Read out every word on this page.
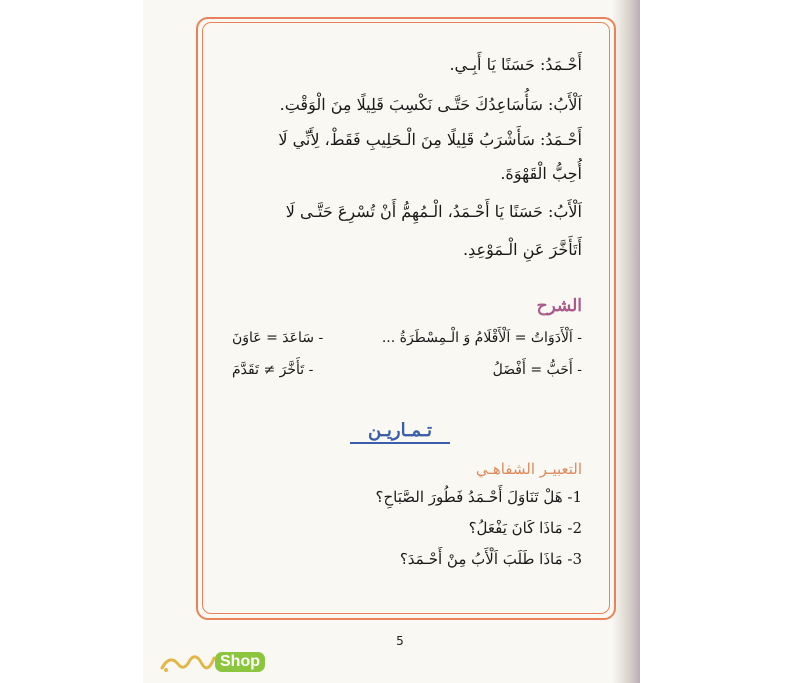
أَحْـمَدُ: حَسَنًا يَا أَبِـي.
اَلْأَبُ: سَأُسَاعِدُكَ حَتَّـى نَكْسِبَ قَلِيلًا مِنَ الْوَقْتِ.
أَحْـمَدُ: سَأَشْرَبُ قَلِيلًا مِنَ الْـحَلِيبِ فَقَطْ، لِأَنِّي لَا
أُحِبُّ الْقَهْوَةَ.
اَلْأَبُ: حَسَنًا يَا أَحْـمَدُ، الْـمُهِمُّ أَنْ تُسْرِعَ حَتَّـى لَا
أَتَأَخَّرَ عَنِ الْـمَوْعِدِ.
الشرح
- اَلْأَدَوَاتُ = اَلْأَقْلَامُ وَ الْـمِسْطَرَةُ ...
- أَحَبُّ = أَفْضَلُ
- سَاعَدَ = عَاوَنَ
- تَأَخَّرَ ≠ تَقَدَّمَ
تـمـاريـن
التعبيـر الشفاهـي
1- هَلْ تَنَاوَلَ أَحْـمَدُ فَطُورَ الصَّبَاحِ؟
2- مَاذَا كَانَ يَفْعَلُ؟
3- مَاذَا طَلَبَ اَلْأَبُ مِنْ أَحْـمَدَ؟
5
Shop
